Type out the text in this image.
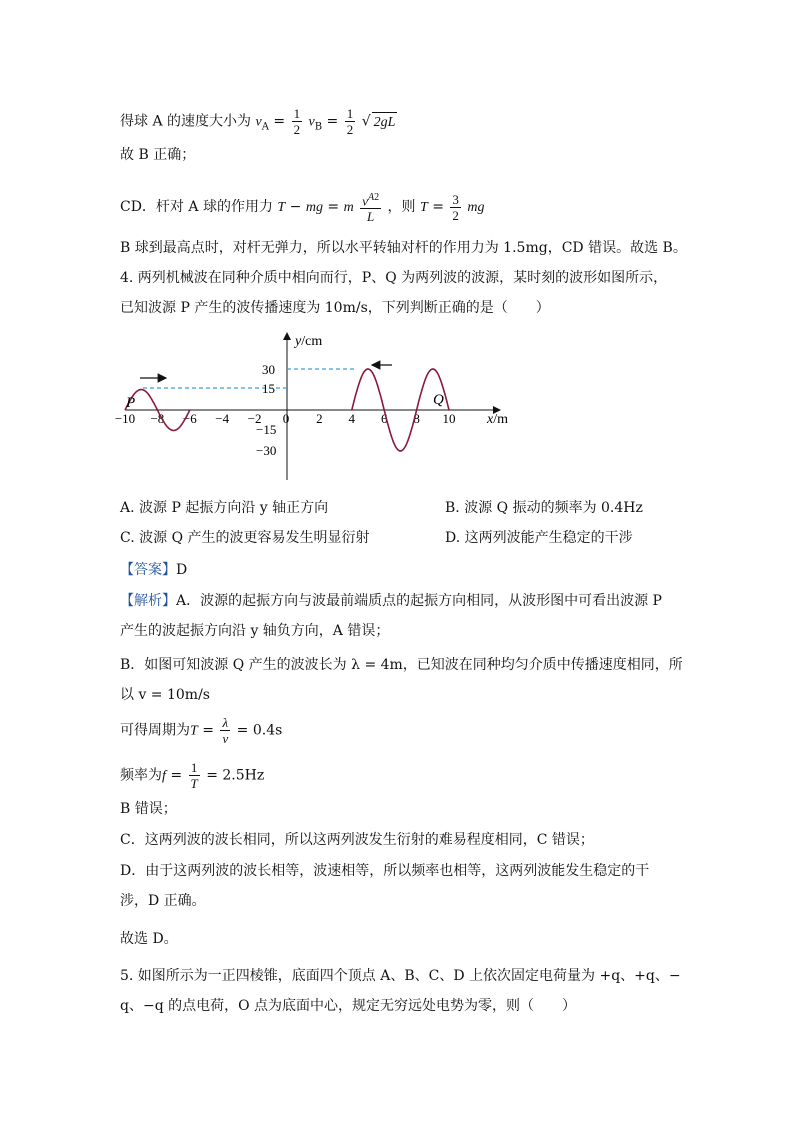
得球 A 的速度大小为 $v_A = \frac{1}{2} v_B = \frac{1}{2}$ √ 2gL
故 B 正确；
CD．杆对 A 球的作用力 T − mg = m $\frac{v^{A2}}{L}$ ，则 $T = \frac{3}{2}$ mg
B 球到最高点时，对杆无弹力，所以水平转轴对杆的作用力为 1.5mg，CD 错误。故选 B。
4. 两列机械波在同种介质中相向而行，P、Q 为两列波的波源，某时刻的波形如图所示，
已知波源 P 产生的波传播速度为 10m/s，下列判断正确的是（　　）
y/cm
x/m
30
15
−15
−30
−10 −8 −6 −4 −2 0 2 4 6 8 10
P	Q
A. 波源 P 起振方向沿 y 轴正方向	B. 波源 Q 振动的频率为 0.4Hz
C. 波源 Q 产生的波更容易发生明显衍射	D. 这两列波能产生稳定的干涉
【答案】D
【解析】A．波源的起振方向与波最前端质点的起振方向相同，从波形图中可看出波源 P
产生的波起振方向沿 y 轴负方向，A 错误；
B．如图可知波源 Q 产生的波波长为 λ = 4m，已知波在同种均匀介质中传播速度相同，所
以 v = 10m/s
可得周期为$T = \frac{\lambda}{v} = 0.4s$
频率为$f = \frac{1}{T} = 2.5Hz$
B 错误；
C．这两列波的波长相同，所以这两列波发生衍射的难易程度相同，C 错误；
D．由于这两列波的波长相等，波速相等，所以频率也相等，这两列波能发生稳定的干
涉，D 正确。
故选 D。
5. 如图所示为一正四棱锥，底面四个顶点 A、B、C、D 上依次固定电荷量为 +q、+q、−
q、−q 的点电荷，O 点为底面中心，规定无穷远处电势为零，则（　　）
